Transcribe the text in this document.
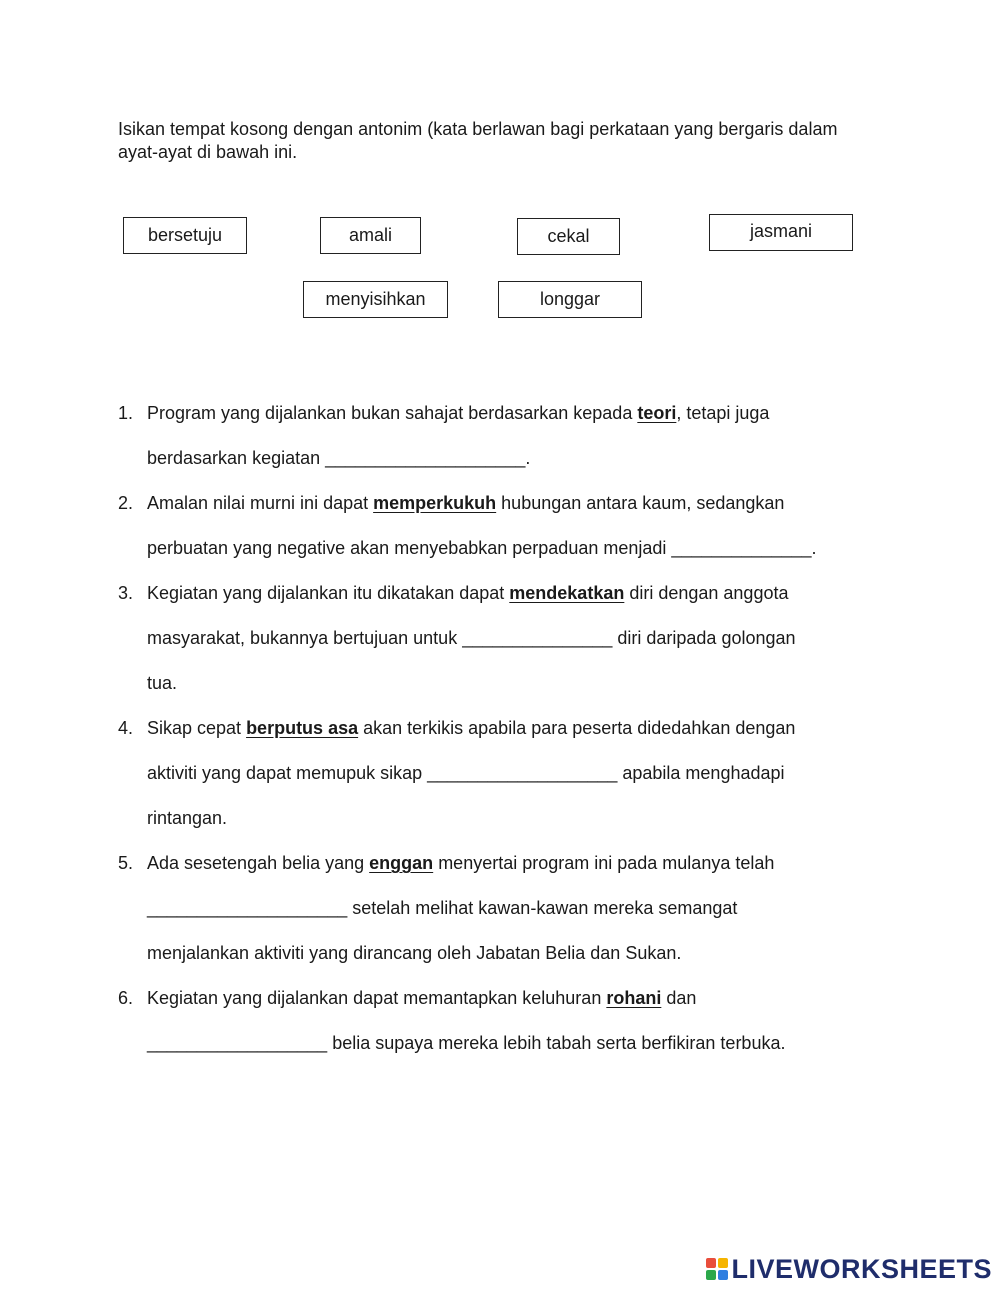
Isikan tempat kosong dengan antonim (kata berlawan bagi perkataan yang bergaris dalam ayat-ayat di bawah ini.

bersetuju	amali	cekal	jasmani
menyisihkan	longgar
1. Program yang dijalankan bukan sahajat berdasarkan kepada teori, tetapi juga
berdasarkan kegiatan ____________________.
2. Amalan nilai murni ini dapat memperkukuh hubungan antara kaum, sedangkan
perbuatan yang negative akan menyebabkan perpaduan menjadi ______________.
3. Kegiatan yang dijalankan itu dikatakan dapat mendekatkan diri dengan anggota
masyarakat, bukannya bertujuan untuk _______________ diri daripada golongan
tua.
4. Sikap cepat berputus asa akan terkikis apabila para peserta didedahkan dengan
aktiviti yang dapat memupuk sikap ___________________ apabila menghadapi
rintangan.
5. Ada sesetengah belia yang enggan menyertai program ini pada mulanya telah
____________________ setelah melihat kawan-kawan mereka semangat
menjalankan aktiviti yang dirancang oleh Jabatan Belia dan Sukan.
6. Kegiatan yang dijalankan dapat memantapkan keluhuran rohani dan
__________________ belia supaya mereka lebih tabah serta berfikiran terbuka.
LIVEWORKSHEETS
